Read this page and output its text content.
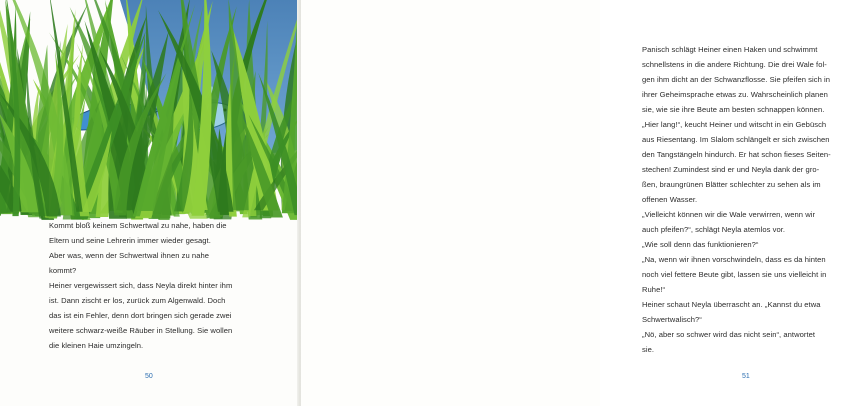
Kommt bloß keinem Schwertwal zu nahe, haben die

Eltern und seine Lehrerin immer wieder gesagt.

Aber was, wenn der Schwertwal ihnen zu nahe

kommt?

Heiner vergewissert sich, dass Neyla direkt hinter ihm

ist. Dann zischt er los, zurück zum Algenwald. Doch

das ist ein Fehler, denn dort bringen sich gerade zwei

weitere schwarz-weiße Räuber in Stellung. Sie wollen

die kleinen Haie umzingeln.

50

Panisch schlägt Heiner einen Haken und schwimmt

schnellstens in die andere Richtung. Die drei Wale fol-

gen ihm dicht an der Schwanzflosse. Sie pfeifen sich in

ihrer Geheimsprache etwas zu. Wahrscheinlich planen

sie, wie sie ihre Beute am besten schnappen können.

„Hier lang!“, keucht Heiner und witscht in ein Gebüsch

aus Riesentang. Im Slalom schlängelt er sich zwischen

den Tangstängeln hindurch. Er hat schon fieses Seiten-

stechen! Zumindest sind er und Neyla dank der gro-

ßen, braungrünen Blätter schlechter zu sehen als im

offenen Wasser.

„Vielleicht können wir die Wale verwirren, wenn wir

auch pfeifen?“, schlägt Neyla atemlos vor.

„Wie soll denn das funktionieren?“

„Na, wenn wir ihnen vorschwindeln, dass es da hinten

noch viel fettere Beute gibt, lassen sie uns vielleicht in

Ruhe!“

Heiner schaut Neyla überrascht an. „Kannst du etwa

Schwertwalisch?“

„Nö, aber so schwer wird das nicht sein“, antwortet

sie.

51
